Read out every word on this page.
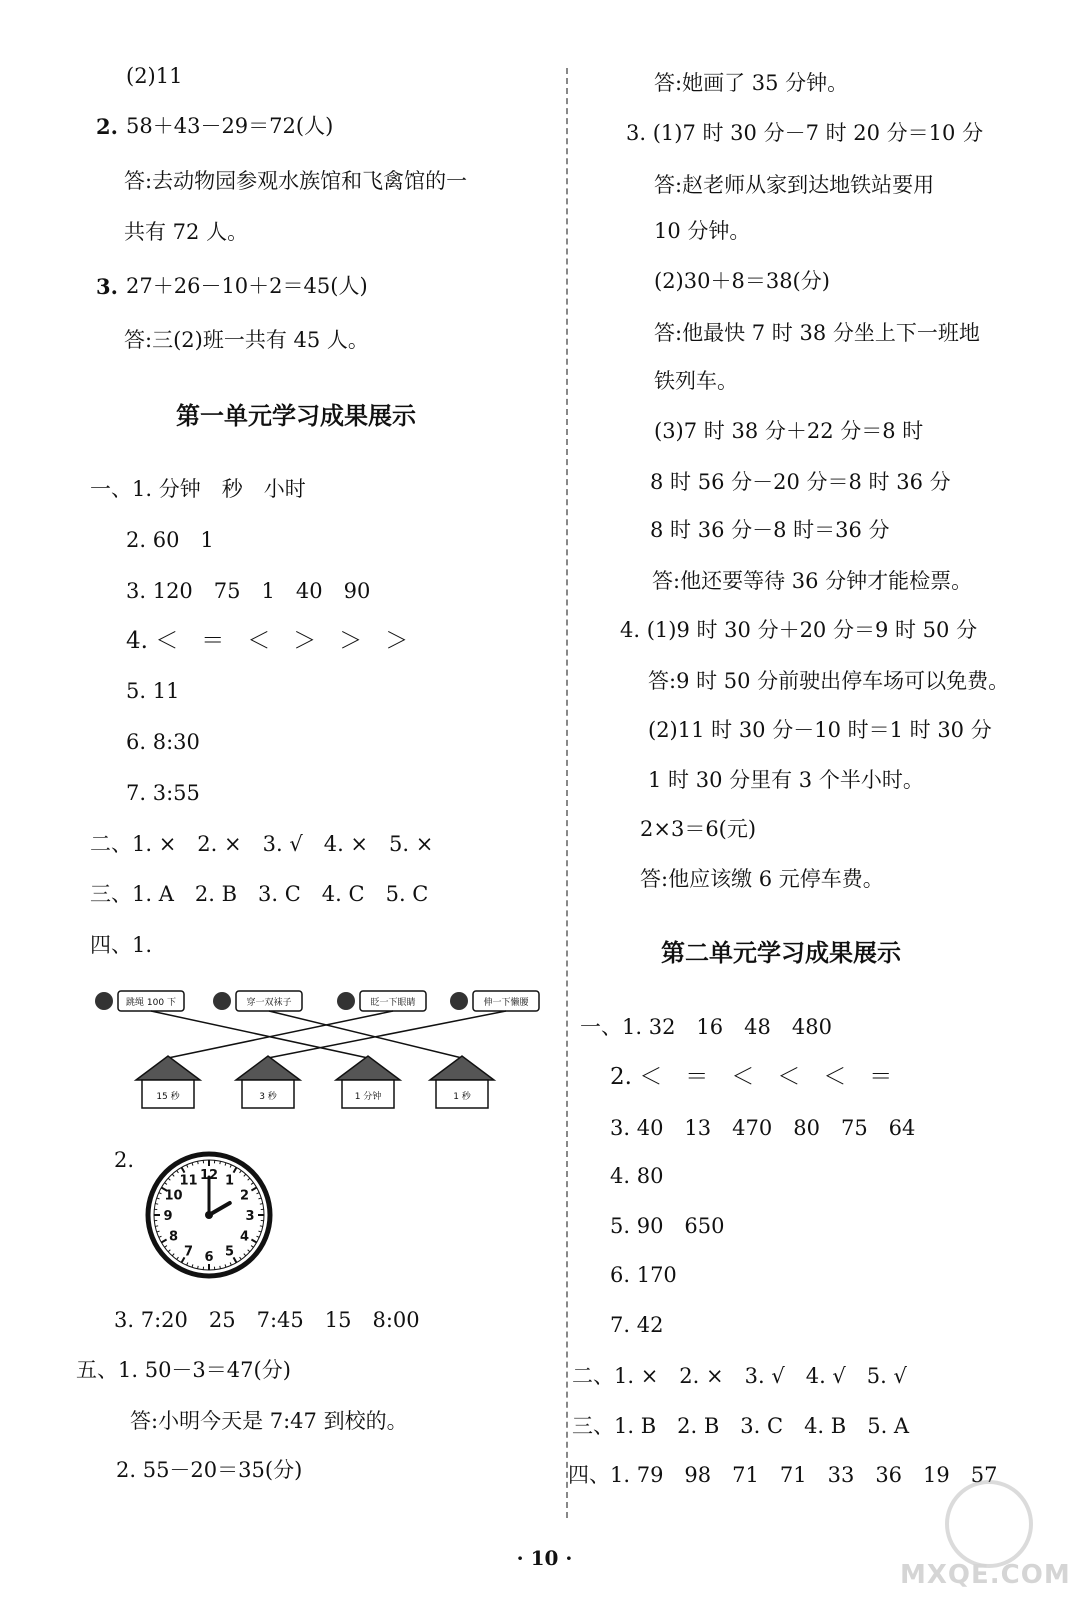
(2)11
2. 58＋43－29＝72(人)
答:去动物园参观水族馆和飞禽馆的一
共有 72 人。
3. 27＋26－10＋2＝45(人)
答:三(2)班一共有 45 人。
第一单元学习成果展示
一、1. 分钟　秒　小时
2. 60　1
3. 120　75　1　40　90
4. ＜　＝　＜　＞　＞　＞
5. 11
6. 8:30
7. 3:55
二、1. ×　2. ×　3. √　4. ×　5. ×
三、1. A　2. B　3. C　4. C　5. C
四、1.
跳绳 100 下	穿一双袜子	眨一下眼睛	伸一下懒腰
15 秒	3 秒	1 分钟	1 秒
2.
12 1
2
3
4
5
6
7
8
9
10
11
3. 7:20　25　7:45　15　8:00
五、1. 50－3＝47(分)
答:小明今天是 7:47 到校的。
2. 55－20＝35(分)
答:她画了 35 分钟。
3. (1)7 时 30 分－7 时 20 分＝10 分
答:赵老师从家到达地铁站要用
10 分钟。
(2)30＋8＝38(分)
答:他最快 7 时 38 分坐上下一班地
铁列车。
(3)7 时 38 分＋22 分＝8 时
8 时 56 分－20 分＝8 时 36 分
8 时 36 分－8 时＝36 分
答:他还要等待 36 分钟才能检票。
4. (1)9 时 30 分＋20 分＝9 时 50 分
答:9 时 50 分前驶出停车场可以免费。
(2)11 时 30 分－10 时＝1 时 30 分
1 时 30 分里有 3 个半小时。
2×3＝6(元)
答:他应该缴 6 元停车费。
第二单元学习成果展示
一、1. 32　16　48　480
2. ＜　＝　＜　＜　＜　＝
3. 40　13　470　80　75　64
4. 80
5. 90　650
6. 170
7. 42
二、1. ×　2. ×　3. √　4. √　5. √
三、1. B　2. B　3. C　4. B　5. A
四、1. 79　98　71　71　33　36　19　57
· 10 ·
MXQE.COM
